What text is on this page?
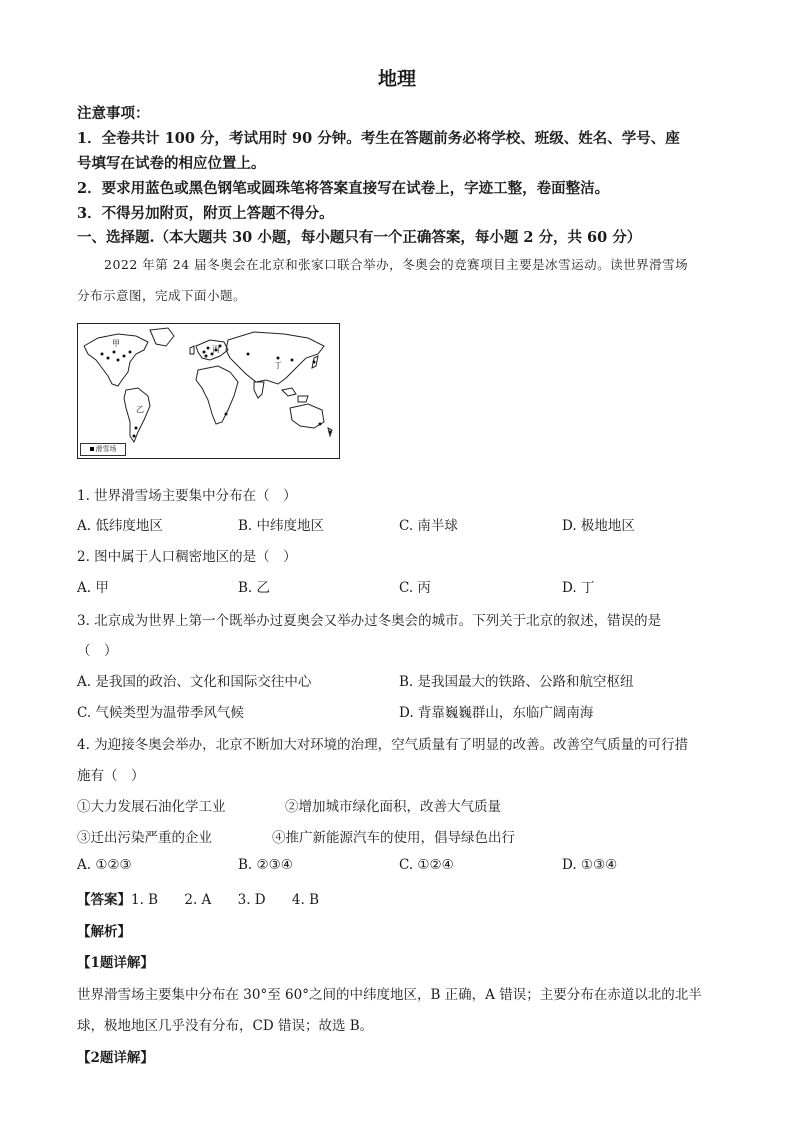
地理
注意事项：
1．全卷共计 100 分，考试用时 90 分钟。考生在答题前务必将学校、班级、姓名、学号、座
号填写在试卷的相应位置上。
2．要求用蓝色或黑色钢笔或圆珠笔将答案直接写在试卷上，字迹工整，卷面整洁。
3．不得另加附页，附页上答题不得分。
一、选择题.（本大题共 30 小题，每小题只有一个正确答案，每小题 2 分，共 60 分）
2022 年第 24 届冬奥会在北京和张家口联合举办，冬奥会的竞赛项目主要是冰雪运动。读世界滑雪场
分布示意图，完成下面小题。
甲
乙
丙
丁
滑雪场
1. 世界滑雪场主要集中分布在（　）
A. 低纬度地区	B. 中纬度地区	C. 南半球	D. 极地地区
2. 图中属于人口稠密地区的是（　）
A. 甲	B. 乙	C. 丙	D. 丁
3. 北京成为世界上第一个既举办过夏奥会又举办过冬奥会的城市。下列关于北京的叙述，错误的是
（　）
A. 是我国的政治、文化和国际交往中心	B. 是我国最大的铁路、公路和航空枢纽
C. 气候类型为温带季风气候	D. 背靠巍巍群山，东临广阔南海
4. 为迎接冬奥会举办，北京不断加大对环境的治理，空气质量有了明显的改善。改善空气质量的可行措
施有（　）
①大力发展石油化学工业	②增加城市绿化面积，改善大气质量
③迁出污染严重的企业	④推广新能源汽车的使用，倡导绿色出行
A. ①②③	B. ②③④	C. ①②④	D. ①③④
【答案】1. B 2. A 3. D 4. B
【解析】
【1题详解】
世界滑雪场主要集中分布在 30°至 60°之间的中纬度地区，B 正确，A 错误；主要分布在赤道以北的北半
球，极地地区几乎没有分布，CD 错误；故选 B。
【2题详解】
